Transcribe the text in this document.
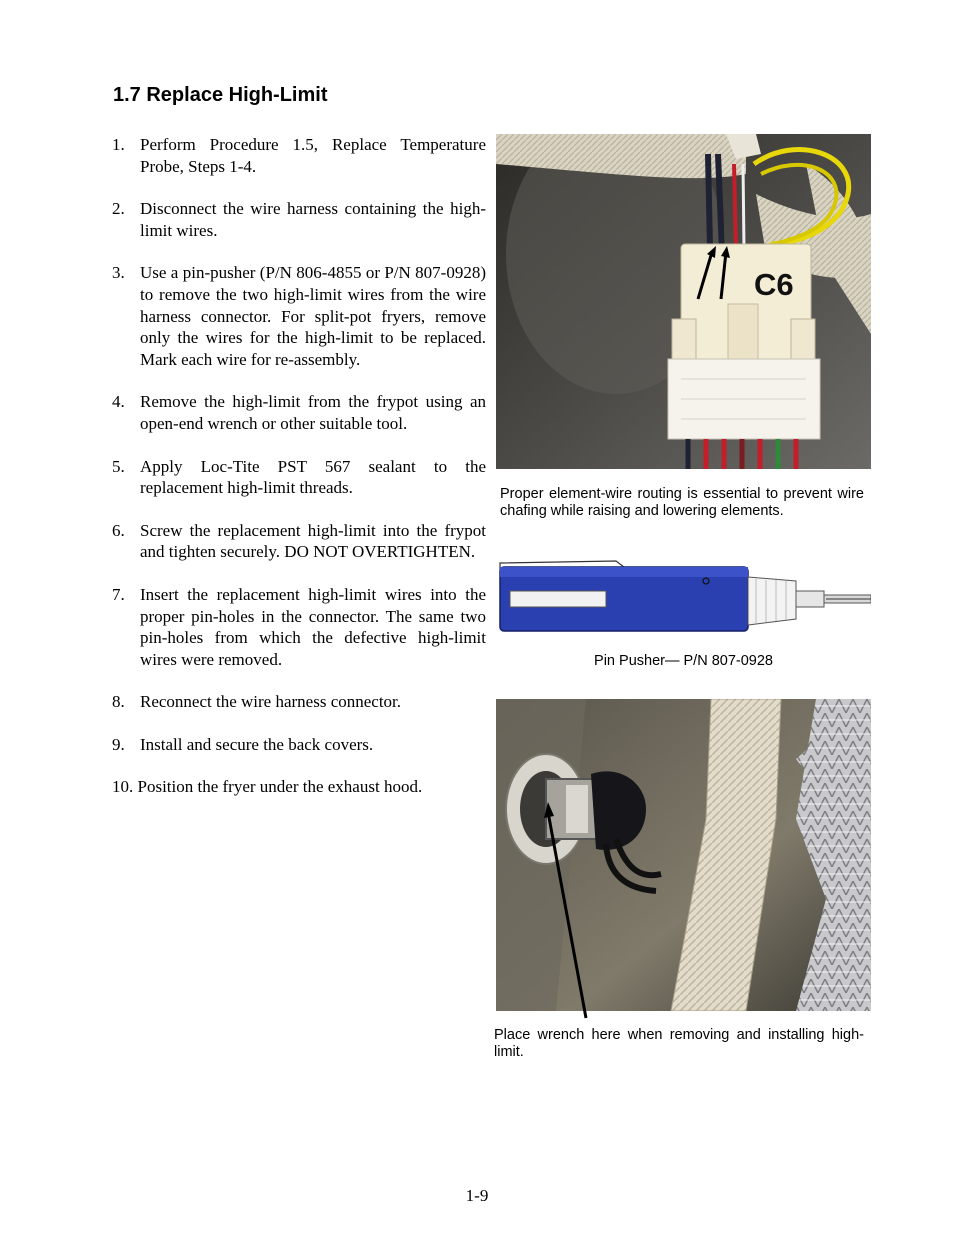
1.7 Replace High-Limit
1. Perform Procedure 1.5, Replace Temperature Probe, Steps 1-4.
2. Disconnect the wire harness containing the high-limit wires.
3. Use a pin-pusher (P/N 806-4855 or P/N 807-0928) to remove the two high-limit wires from the wire harness connector. For split-pot fryers, remove only the wires for the high-limit to be replaced. Mark each wire for re-assembly.
4. Remove the high-limit from the frypot using an open-end wrench or other suitable tool.
5. Apply Loc-Tite PST 567 sealant to the replacement high-limit threads.
6. Screw the replacement high-limit into the frypot and tighten securely. DO NOT OVERTIGHTEN.
7. Insert the replacement high-limit wires into the proper pin-holes in the connector. The same two pin-holes from which the defective high-limit wires were removed.
8. Reconnect the wire harness connector.
9. Install and secure the back covers.
10. Position the fryer under the exhaust hood.
C6

Proper element-wire routing is essential to prevent wire chafing while raising and lowering elements.

Pin Pusher— P/N 807-0928

Place wrench here when removing and installing high-limit.

1-9
